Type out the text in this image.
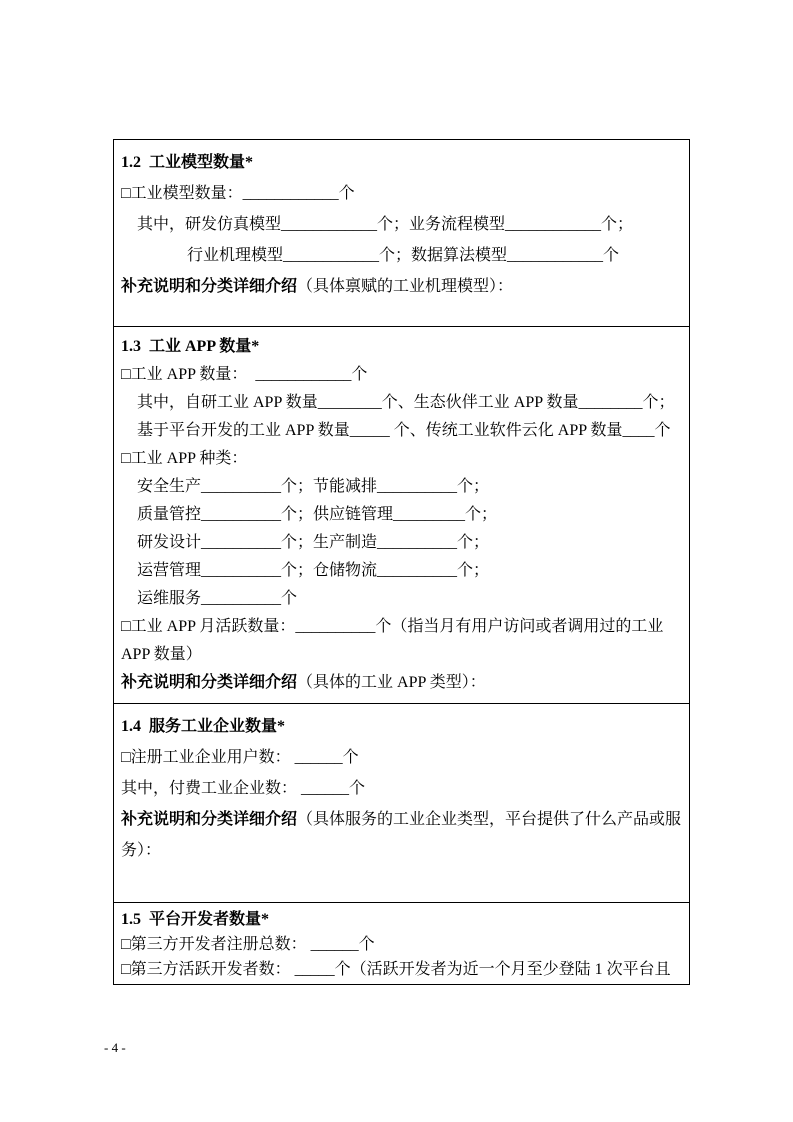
1.2  工业模型数量*
□工业模型数量：____________个
其中，研发仿真模型____________个；业务流程模型____________个；
行业机理模型____________个；数据算法模型____________个
补充说明和分类详细介绍（具体禀赋的工业机理模型）：
1.3  工业 APP 数量*
□工业 APP 数量：  ____________个
其中，自研工业 APP 数量________个、生态伙伴工业 APP 数量________个；
基于平台开发的工业 APP 数量_____ 个、传统工业软件云化 APP 数量____个
□工业 APP 种类：
安全生产__________个；节能减排__________个；
质量管控__________个；供应链管理_________个；
研发设计__________个；生产制造__________个；
运营管理__________个；仓储物流__________个；
运维服务__________个
□工业 APP 月活跃数量：__________个（指当月有用户访问或者调用过的工业
APP 数量）
补充说明和分类详细介绍（具体的工业 APP 类型）：
1.4  服务工业企业数量*
□注册工业企业用户数： ______个
其中，付费工业企业数： ______个
补充说明和分类详细介绍（具体服务的工业企业类型，平台提供了什么产品或服
务）：
1.5  平台开发者数量*
□第三方开发者注册总数： ______个
□第三方活跃开发者数： _____个（活跃开发者为近一个月至少登陆 1 次平台且
- 4 -
